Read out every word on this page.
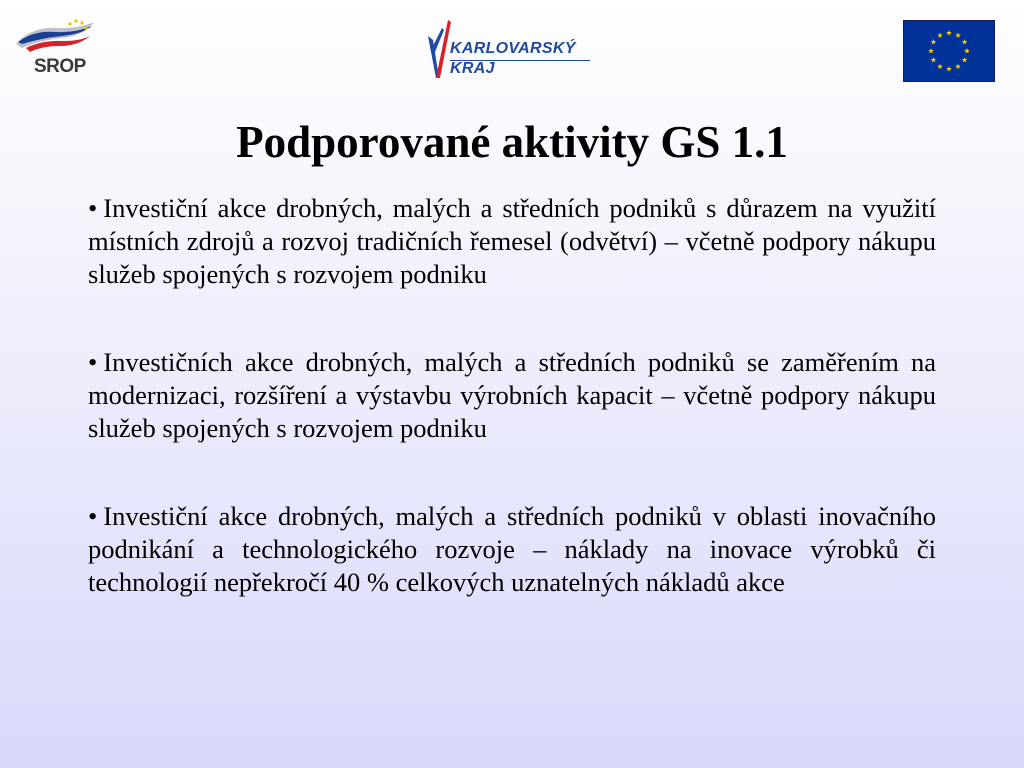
SROP
KARLOVARSKÝ
KRAJ
Podporované aktivity GS 1.1

• Investiční akce drobných, malých a středních podniků s důrazem na využití místních zdrojů a rozvoj tradičních řemesel (odvětví) – včetně podpory nákupu služeb spojených s rozvojem podniku

• Investičních akce drobných, malých a středních podniků se zaměřením na modernizaci, rozšíření a výstavbu výrobních kapacit – včetně podpory nákupu služeb spojených s rozvojem podniku

• Investiční akce drobných, malých a středních podniků v oblasti inovačního podnikání a technologického rozvoje – náklady na inovace výrobků či technologií nepřekročí 40 % celkových uznatelných nákladů akce
